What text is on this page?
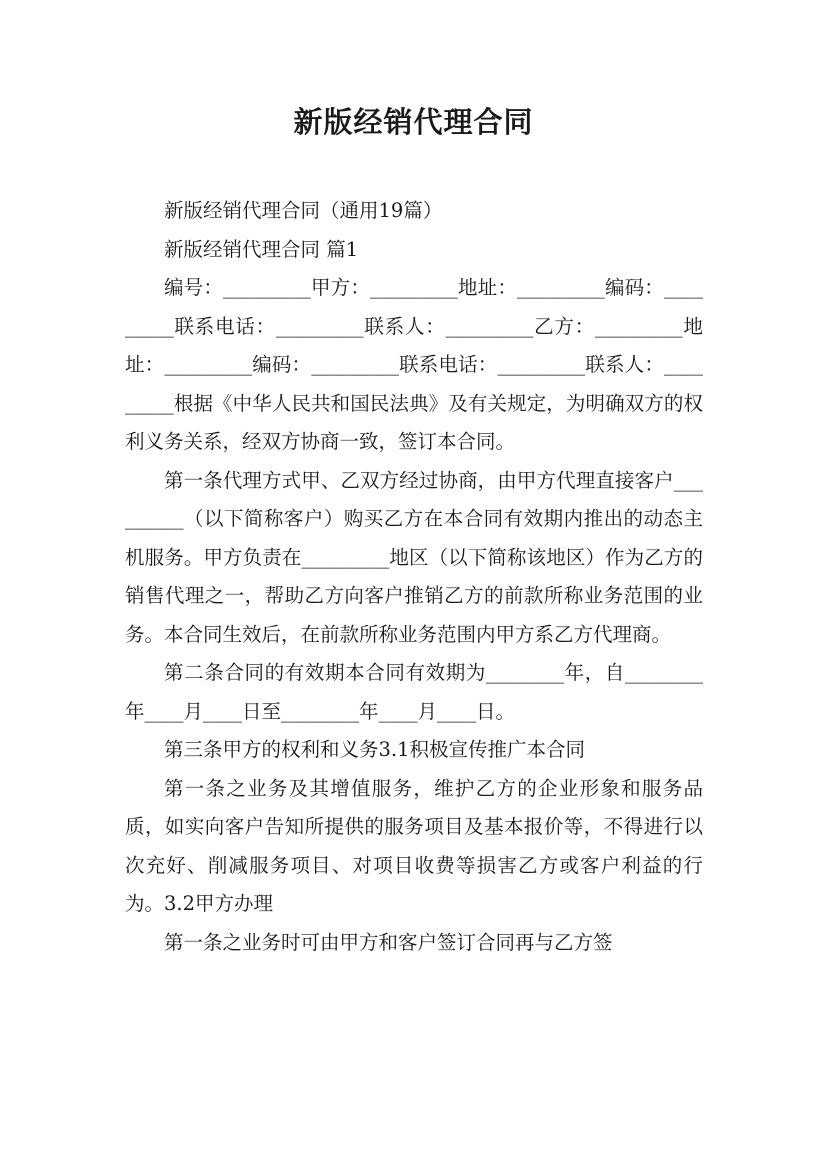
新版经销代理合同

新版经销代理合同（通用19篇）

新版经销代理合同 篇1

编号：_________甲方：_________地址：_________编码：_________联系电话：_________联系人：_________乙方：_________地址：_________编码：_________联系电话：_________联系人：_________根据《中华人民共和国民法典》及有关规定，为明确双方的权利义务关系，经双方协商一致，签订本合同。

第一条代理方式甲、乙双方经过协商，由甲方代理直接客户_________（以下简称客户）购买乙方在本合同有效期内推出的动态主机服务。甲方负责在_________地区（以下简称该地区）作为乙方的销售代理之一，帮助乙方向客户推销乙方的前款所称业务范围的业务。本合同生效后，在前款所称业务范围内甲方系乙方代理商。

第二条合同的有效期本合同有效期为________年，自________年____月____日至________年____月____日。

第三条甲方的权利和义务3.1积极宣传推广本合同

第一条之业务及其增值服务，维护乙方的企业形象和服务品质，如实向客户告知所提供的服务项目及基本报价等，不得进行以次充好、削减服务项目、对项目收费等损害乙方或客户利益的行为。3.2甲方办理

第一条之业务时可由甲方和客户签订合同再与乙方签
